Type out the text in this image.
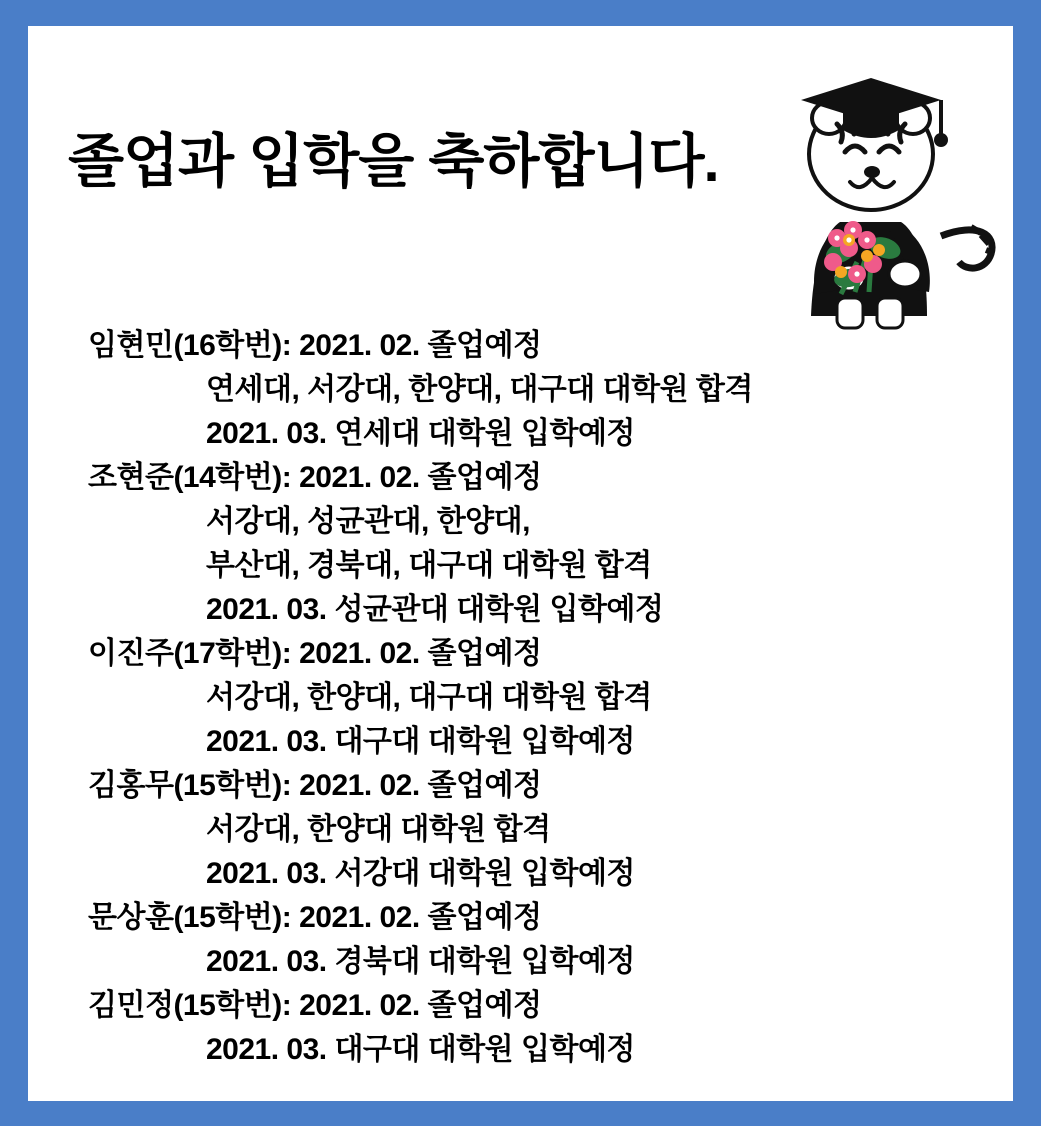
졸업과 입학을 축하합니다.
임현민(16학번): 2021. 02. 졸업예정
연세대, 서강대, 한양대, 대구대 대학원 합격
2021. 03. 연세대 대학원 입학예정
조현준(14학번): 2021. 02. 졸업예정
서강대, 성균관대, 한양대,
부산대, 경북대, 대구대 대학원 합격
2021. 03. 성균관대 대학원 입학예정
이진주(17학번): 2021. 02. 졸업예정
서강대, 한양대, 대구대 대학원 합격
2021. 03. 대구대 대학원 입학예정
김홍무(15학번): 2021. 02. 졸업예정
서강대, 한양대 대학원 합격
2021. 03. 서강대 대학원 입학예정
문상훈(15학번): 2021. 02. 졸업예정
2021. 03. 경북대 대학원 입학예정
김민정(15학번): 2021. 02. 졸업예정
2021. 03. 대구대 대학원 입학예정
